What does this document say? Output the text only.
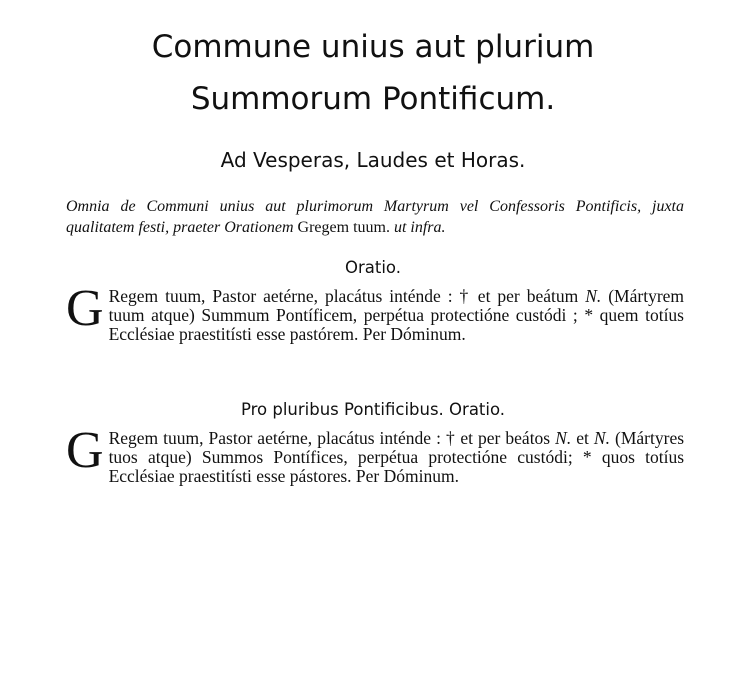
Commune unius aut plurium
Summorum Pontificum.
Ad Vesperas, Laudes et Horas.
Omnia de Communi unius aut plurimorum Martyrum vel Confessoris Pontificis, juxta qualitatem festi, praeter Orationem Gregem tuum. ut infra.
Oratio.
G Regem tuum, Pastor aetérne, placátus inténde : † et per beátum N. (Mártyrem tuum atque) Summum Pontíficem, perpétua protectióne custódi ; * quem totíus Ecclésiae praestitísti esse pastórem. Per Dóminum.
Pro pluribus Pontificibus. Oratio.
G Regem tuum, Pastor aetérne, placátus inténde : † et per beátos N. et N. (Mártyres tuos atque) Summos Pontífices, perpétua protectióne custódi; * quos totíus Ecclésiae praestitísti esse pástores. Per Dóminum.
